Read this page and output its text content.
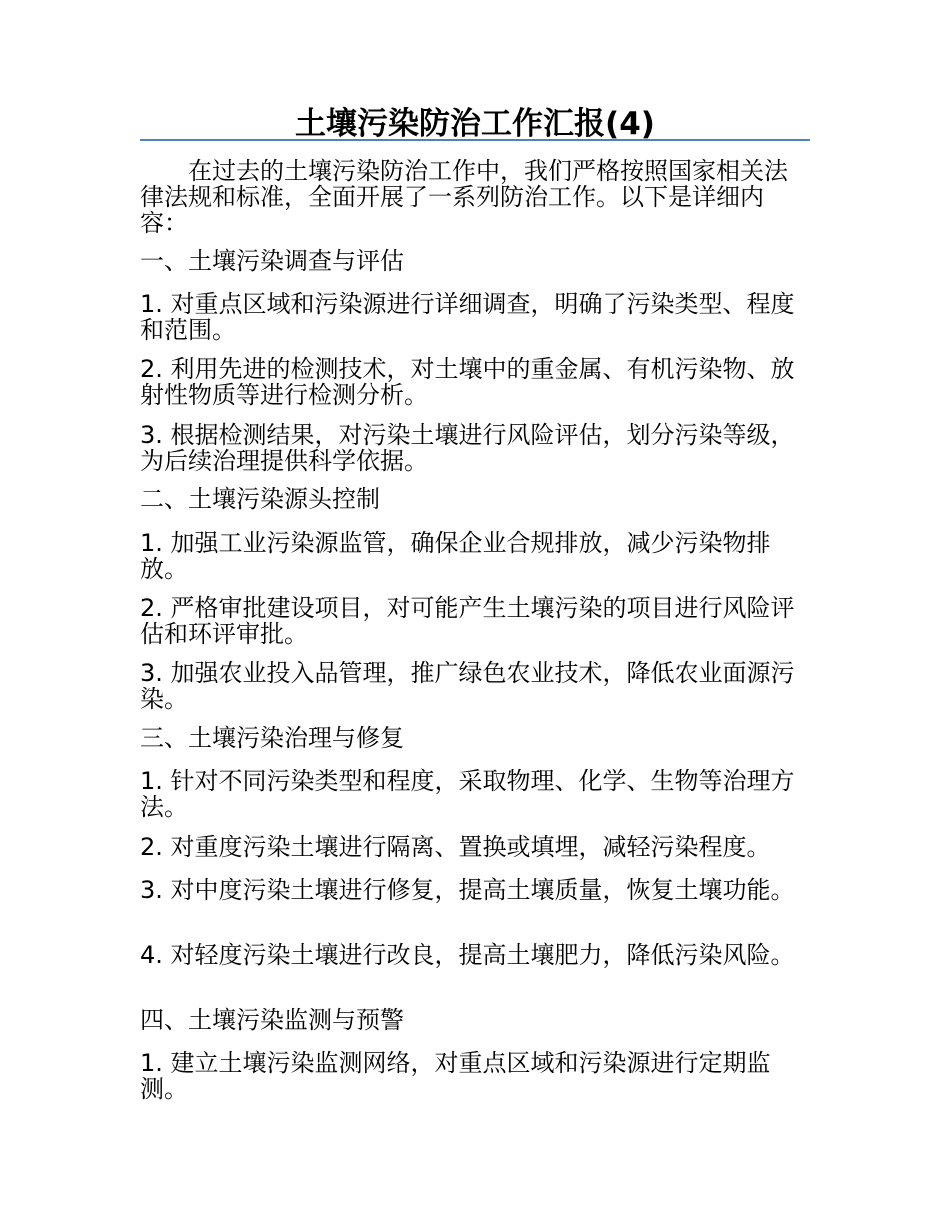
土壤污染防治工作汇报(4)

在过去的土壤污染防治工作中，我们严格按照国家相关法律法规和标准，全面开展了一系列防治工作。以下是详细内容：

一、土壤污染调查与评估

1. 对重点区域和污染源进行详细调查，明确了污染类型、程度和范围。

2. 利用先进的检测技术，对土壤中的重金属、有机污染物、放射性物质等进行检测分析。

3. 根据检测结果，对污染土壤进行风险评估，划分污染等级，为后续治理提供科学依据。

二、土壤污染源头控制

1. 加强工业污染源监管，确保企业合规排放，减少污染物排放。

2. 严格审批建设项目，对可能产生土壤污染的项目进行风险评估和环评审批。

3. 加强农业投入品管理，推广绿色农业技术，降低农业面源污染。

三、土壤污染治理与修复

1. 针对不同污染类型和程度，采取物理、化学、生物等治理方法。

2. 对重度污染土壤进行隔离、置换或填埋，减轻污染程度。

3. 对中度污染土壤进行修复，提高土壤质量，恢复土壤功能。

4. 对轻度污染土壤进行改良，提高土壤肥力，降低污染风险。

四、土壤污染监测与预警

1. 建立土壤污染监测网络，对重点区域和污染源进行定期监测。
